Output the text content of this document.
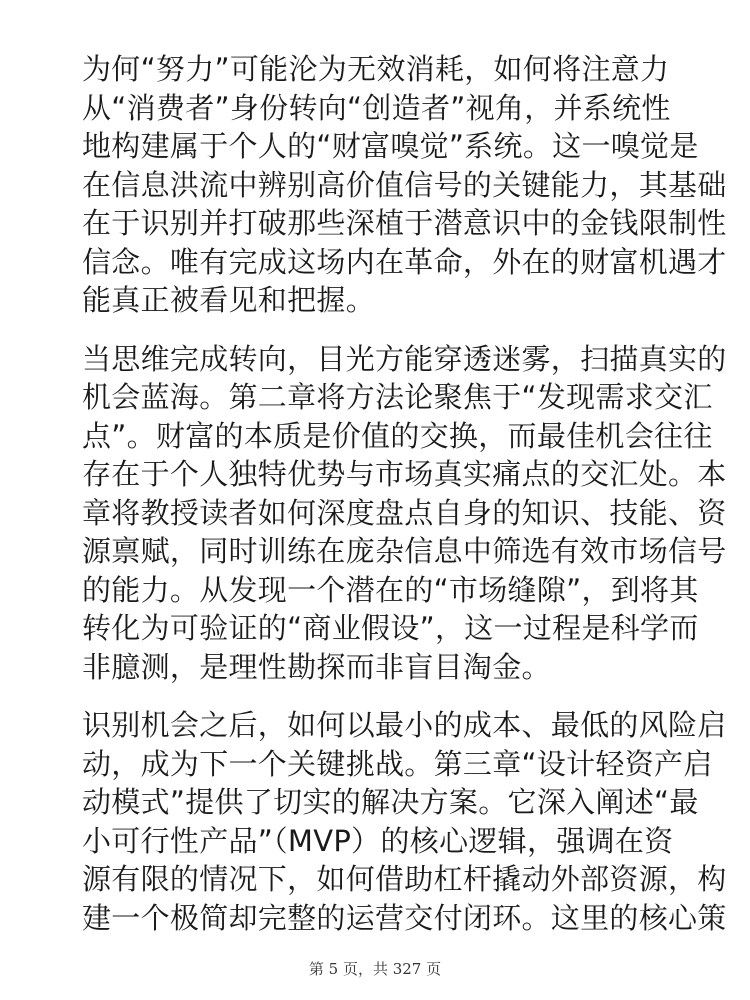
为何“努力”可能沦为无效消耗，如何将注意力
从“消费者”身份转向“创造者”视角，并系统性
地构建属于个人的“财富嗅觉”系统。这一嗅觉是
在信息洪流中辨别高价值信号的关键能力，其基础
在于识别并打破那些深植于潜意识中的金钱限制性
信念。唯有完成这场内在革命，外在的财富机遇才
能真正被看见和把握。

当思维完成转向，目光方能穿透迷雾，扫描真实的
机会蓝海。第二章将方法论聚焦于“发现需求交汇
点”。财富的本质是价值的交换，而最佳机会往往
存在于个人独特优势与市场真实痛点的交汇处。本
章将教授读者如何深度盘点自身的知识、技能、资
源禀赋，同时训练在庞杂信息中筛选有效市场信号
的能力。从发现一个潜在的“市场缝隙”，到将其
转化为可验证的“商业假设”，这一过程是科学而
非臆测，是理性勘探而非盲目淘金。

识别机会之后，如何以最小的成本、最低的风险启
动，成为下一个关键挑战。第三章“设计轻资产启
动模式”提供了切实的解决方案。它深入阐述“最
小可行性产品”（MVP）的核心逻辑，强调在资
源有限的情况下，如何借助杠杆撬动外部资源，构
建一个极简却完整的运营交付闭环。这里的核心策

第 5 页，共 327 页
